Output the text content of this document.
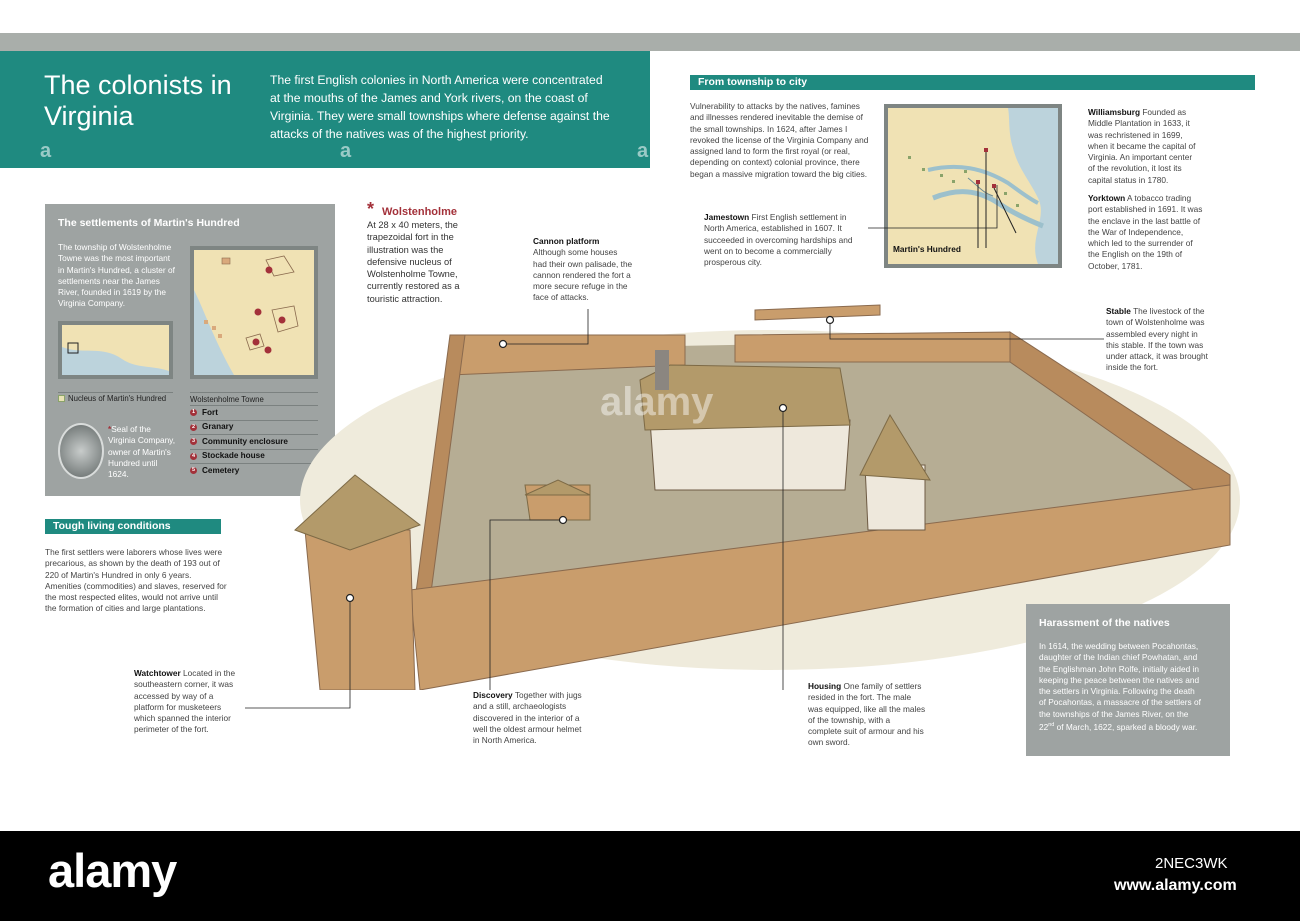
The colonists in Virginia
The first English colonies in North America were concentrated at the mouths of the James and York rivers, on the coast of Virginia. They were small townships where defense against the attacks of the natives was of the highest priority.
a	a	a
From township to city
Vulnerability to attacks by the natives, famines and illnesses rendered inevitable the demise of the small townships. In 1624, after James I revoked the license of the Virginia Company and assigned land to form the first royal (or real, depending on context) colonial province, there began a massive migration toward the big cities.
Jamestown First English settlement in North America, established in 1607. It succeeded in overcoming hardships and went on to become a commercially prosperous city.
Williamsburg Founded as Middle Plantation in 1633, it was rechristened in 1699, when it became the capital of Virginia. An important center of the revolution, it lost its capital status in 1780.
Yorktown A tobacco trading port established in 1691. It was the enclave in the last battle of the War of Independence, which led to the surrender of the English on the 19th of October, 1781.
Martin's Hundred
The settlements of Martin's Hundred
The township of Wolstenholme Towne was the most important in Martin's Hundred, a cluster of settlements near the James River, founded in 1619 by the Virginia Company.
Nucleus of Martin's Hundred	Wolstenholme Towne
1 Fort
2 Granary
3 Community enclosure
4 Stockade house
5 Cemetery
*Seal of the Virginia Company, owner of Martin's Hundred until 1624.
* Wolstenholme
At 28 x 40 meters, the trapezoidal fort in the illustration was the defensive nucleus of Wolstenholme Towne, currently restored as a touristic attraction.
Tough living conditions
The first settlers were laborers whose lives were precarious, as shown by the death of 193 out of 220 of Martin's Hundred in only 6 years. Amenities (commodities) and slaves, reserved for the most respected elites, would not arrive until the formation of cities and large plantations.
alamy
Cannon platform
Although some houses had their own palisade, the cannon rendered the fort a more secure refuge in the face of attacks.
Stable The livestock of the town of Wolstenholme was assembled every night in this stable. If the town was under attack, it was brought inside the fort.
Watchtower Located in the southeastern corner, it was accessed by way of a platform for musketeers which spanned the interior perimeter of the fort.
Discovery Together with jugs and a still, archaeologists discovered in the interior of a well the oldest armour helmet in North America.
Housing One family of settlers resided in the fort. The male was equipped, like all the males of the township, with a complete suit of armour and his own sword.
Harassment of the natives
In 1614, the wedding between Pocahontas, daughter of the Indian chief Powhatan, and the Englishman John Rolfe, initially aided in keeping the peace between the natives and the settlers in Virginia. Following the death of Pocahontas, a massacre of the settlers of the townships of the James River, on the 22nd of March, 1622, sparked a bloody war.
alamy	2NEC3WK
www.alamy.com
